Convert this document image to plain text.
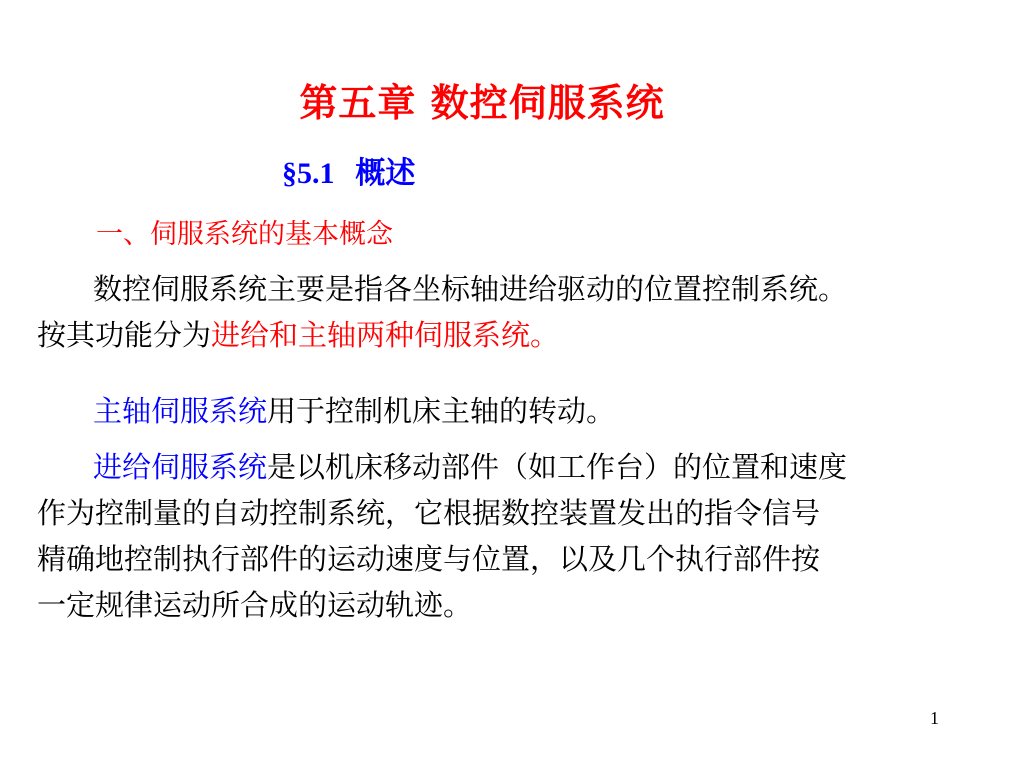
第五章 数控伺服系统
§5.1 概述
一、伺服系统的基本概念
数控伺服系统主要是指各坐标轴进给驱动的位置控制系统。
按其功能分为进给和主轴两种伺服系统。
主轴伺服系统用于控制机床主轴的转动。
进给伺服系统是以机床移动部件（如工作台）的位置和速度
作为控制量的自动控制系统，它根据数控装置发出的指令信号
精确地控制执行部件的运动速度与位置，以及几个执行部件按
一定规律运动所合成的运动轨迹。
1
